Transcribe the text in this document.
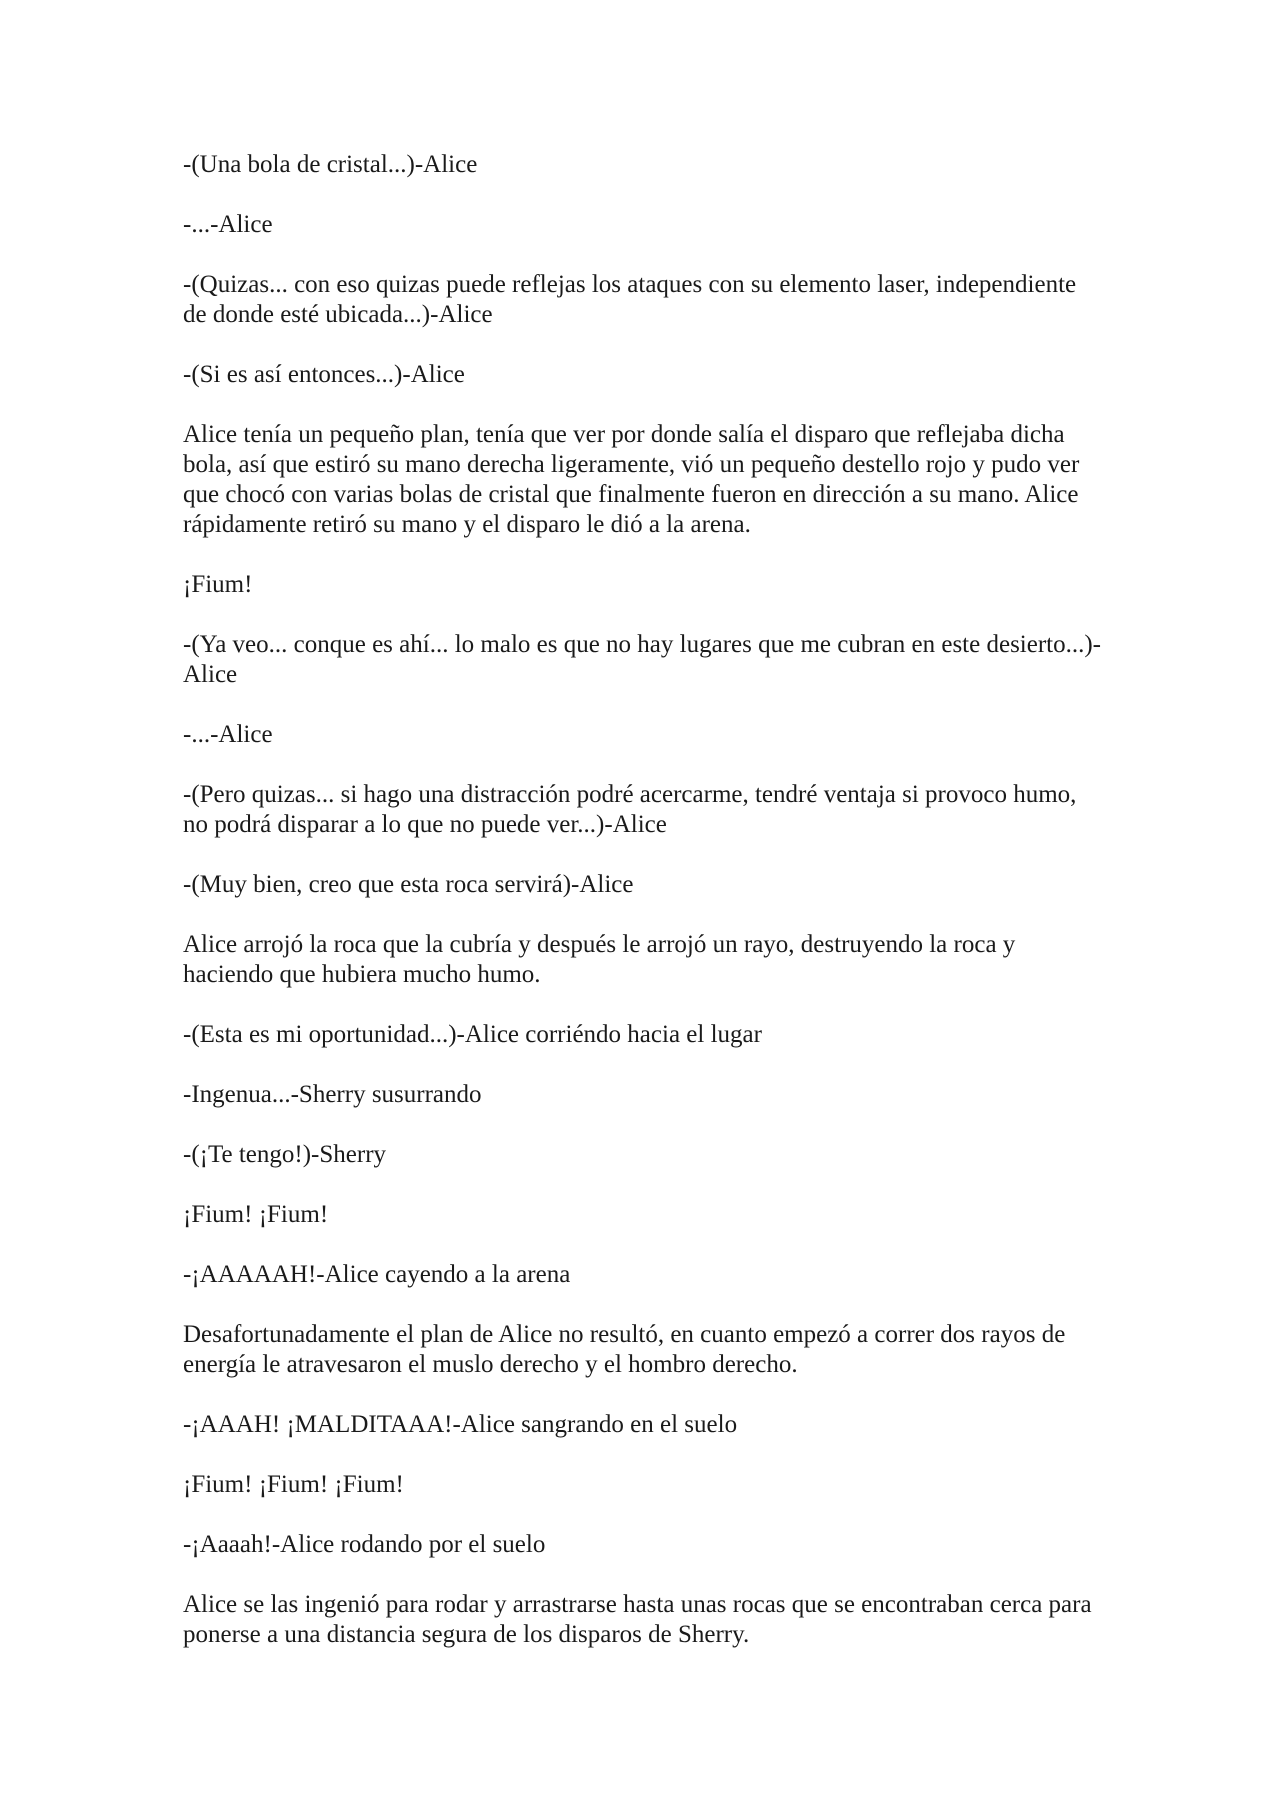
-(Una bola de cristal...)-Alice

-...-Alice

-(Quizas... con eso quizas puede reflejas los ataques con su elemento laser, independiente de donde esté ubicada...)-Alice

-(Si es así entonces...)-Alice

Alice tenía un pequeño plan, tenía que ver por donde salía el disparo que reflejaba dicha bola, así que estiró su mano derecha ligeramente, vió un pequeño destello rojo y pudo ver que chocó con varias bolas de cristal que finalmente fueron en dirección a su mano. Alice rápidamente retiró su mano y el disparo le dió a la arena.

¡Fium!

-(Ya veo... conque es ahí... lo malo es que no hay lugares que me cubran en este desierto...)-Alice

-...-Alice

-(Pero quizas... si hago una distracción podré acercarme, tendré ventaja si provoco humo, no podrá disparar a lo que no puede ver...)-Alice

-(Muy bien, creo que esta roca servirá)-Alice

Alice arrojó la roca que la cubría y después le arrojó un rayo, destruyendo la roca y haciendo que hubiera mucho humo.

-(Esta es mi oportunidad...)-Alice corriéndo hacia el lugar

-Ingenua...-Sherry susurrando

-(¡Te tengo!)-Sherry

¡Fium! ¡Fium!

-¡AAAAAH!-Alice cayendo a la arena

Desafortunadamente el plan de Alice no resultó, en cuanto empezó a correr dos rayos de energía le atravesaron el muslo derecho y el hombro derecho.

-¡AAAH! ¡MALDITAAA!-Alice sangrando en el suelo

¡Fium! ¡Fium! ¡Fium!

-¡Aaaah!-Alice rodando por el suelo

Alice se las ingenió para rodar y arrastrarse hasta unas rocas que se encontraban cerca para ponerse a una distancia segura de los disparos de Sherry.
